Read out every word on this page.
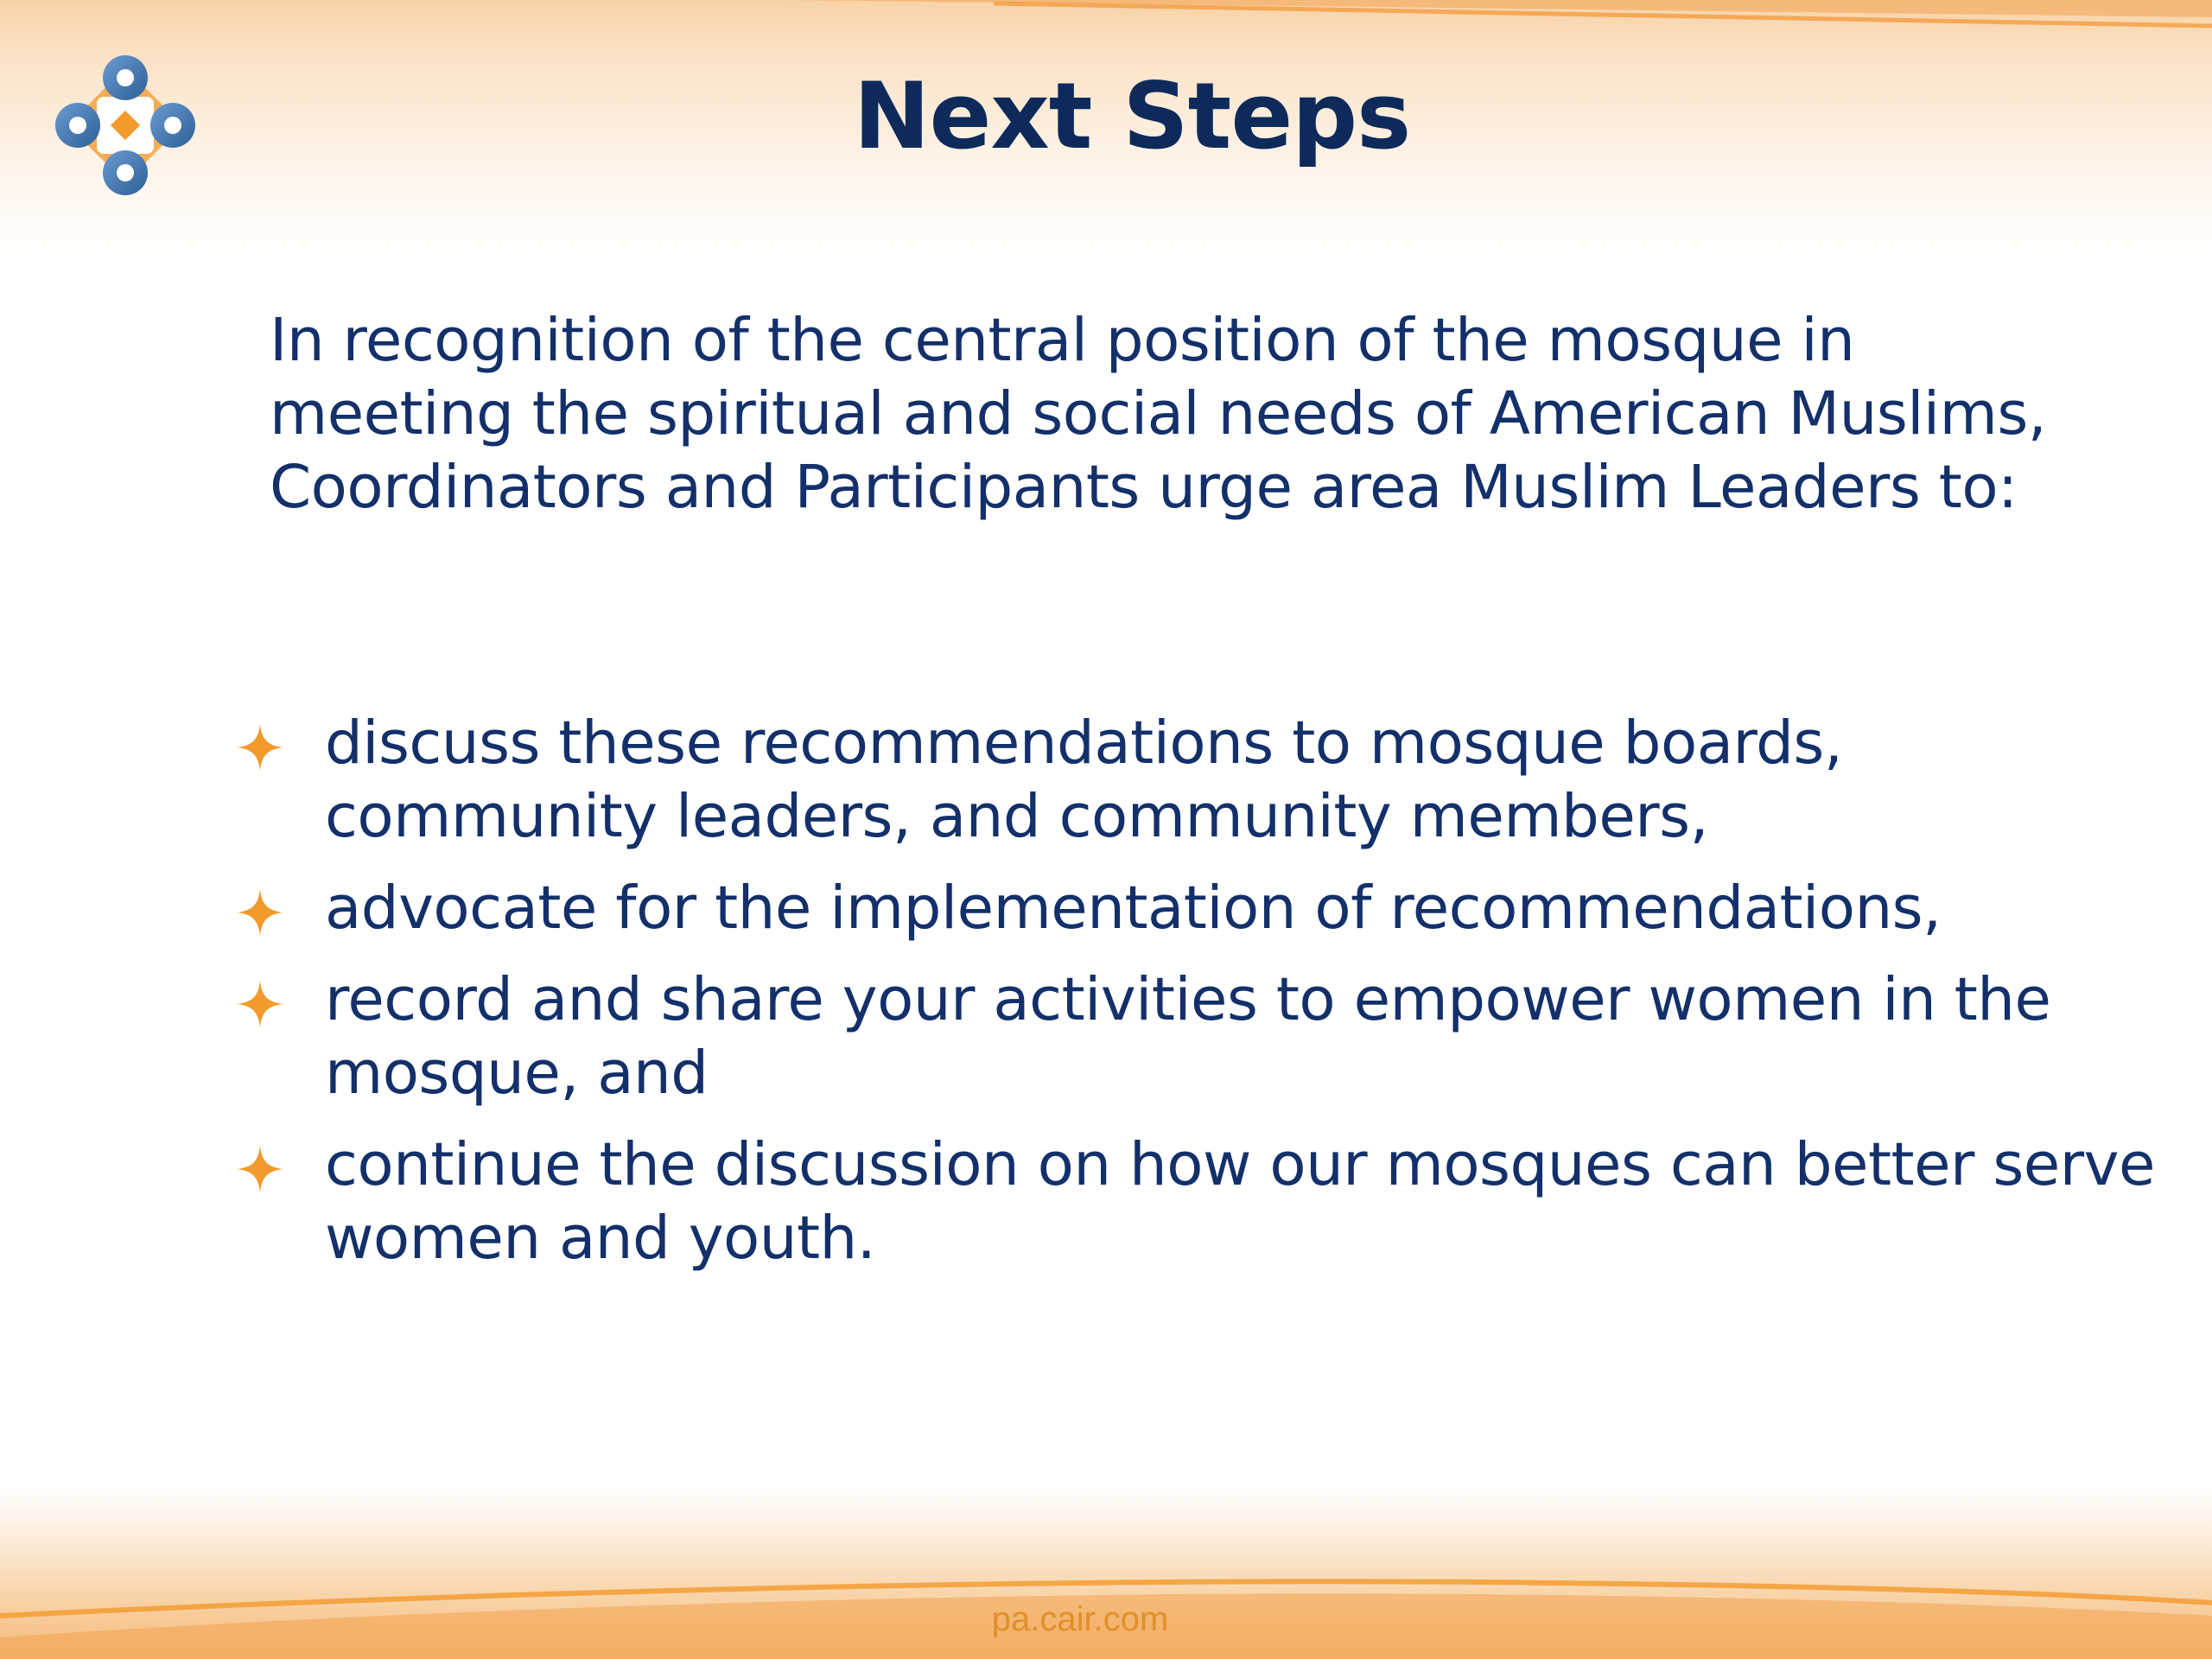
Next Steps
In recognition of the central position of the mosque in meeting the spiritual and social needs of American Muslims, Coordinators and Participants urge area Muslim Leaders to:
discuss these recommendations to mosque boards, community leaders, and community members,
advocate for the implementation of recommendations,
record and share your activities to empower women in the mosque, and
continue the discussion on how our mosques can better serve women and youth.
pa.cair.com
